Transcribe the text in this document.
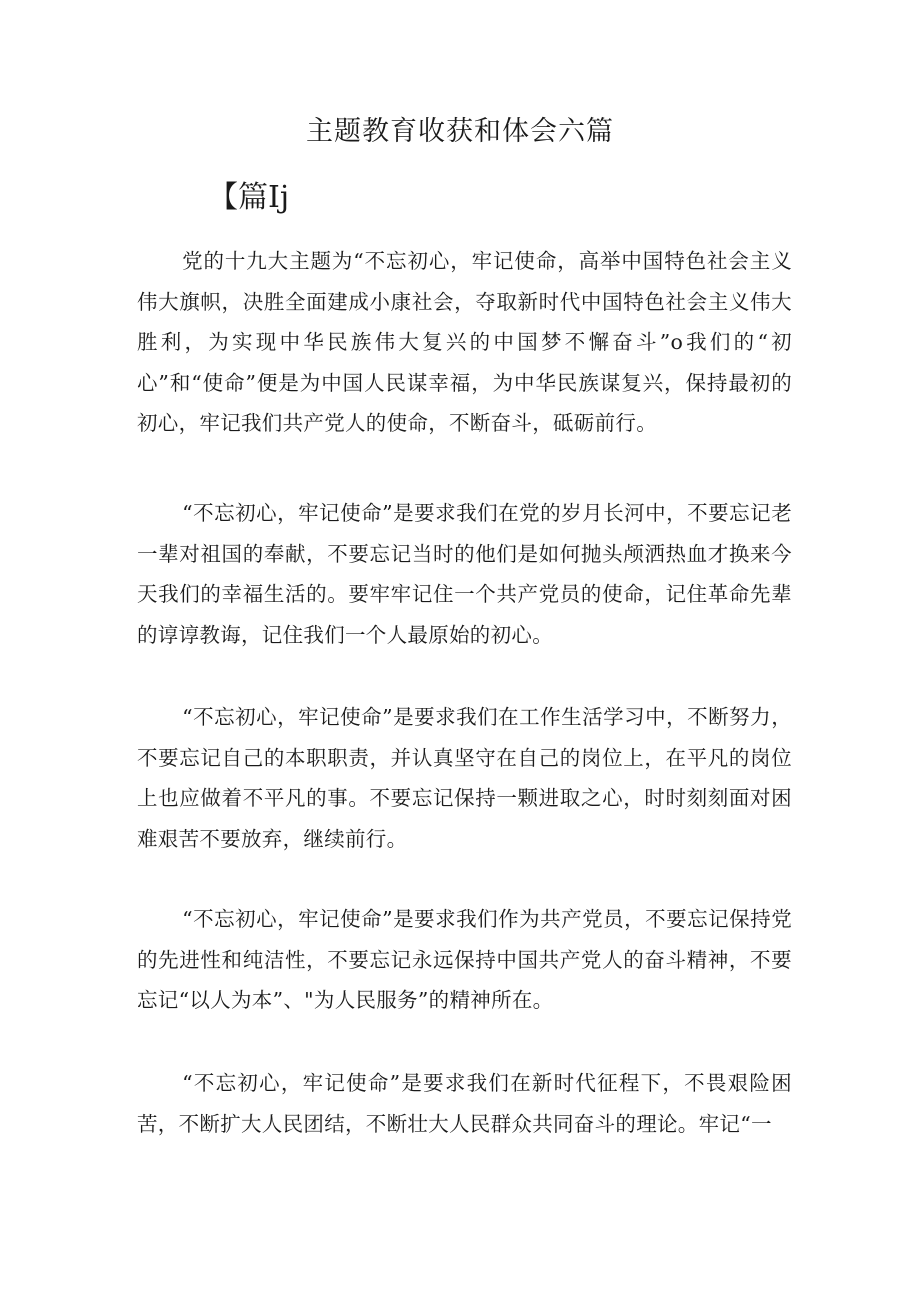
主题教育收获和体会六篇
【篇Ij

党的十九大主题为“不忘初心，牢记使命，高举中国特色社会主义伟大旗帜，决胜全面建成小康社会，夺取新时代中国特色社会主义伟大胜利，为实现中华民族伟大复兴的中国梦不懈奋斗”o我们的“初心”和“使命”便是为中国人民谋幸福，为中华民族谋复兴，保持最初的初心，牢记我们共产党人的使命，不断奋斗，砥砺前行。

“不忘初心，牢记使命”是要求我们在党的岁月长河中，不要忘记老一辈对祖国的奉献，不要忘记当时的他们是如何抛头颅洒热血才换来今天我们的幸福生活的。要牢牢记住一个共产党员的使命，记住革命先辈的谆谆教诲，记住我们一个人最原始的初心。

“不忘初心，牢记使命”是要求我们在工作生活学习中，不断努力，不要忘记自己的本职职责，并认真坚守在自己的岗位上，在平凡的岗位上也应做着不平凡的事。不要忘记保持一颗进取之心，时时刻刻面对困难艰苦不要放弃，继续前行。

“不忘初心，牢记使命”是要求我们作为共产党员，不要忘记保持党的先进性和纯洁性，不要忘记永远保持中国共产党人的奋斗精神，不要忘记“以人为本”、"为人民服务”的精神所在。

“不忘初心，牢记使命”是要求我们在新时代征程下，不畏艰险困苦，不断扩大人民团结，不断壮大人民群众共同奋斗的理论。牢记“一
